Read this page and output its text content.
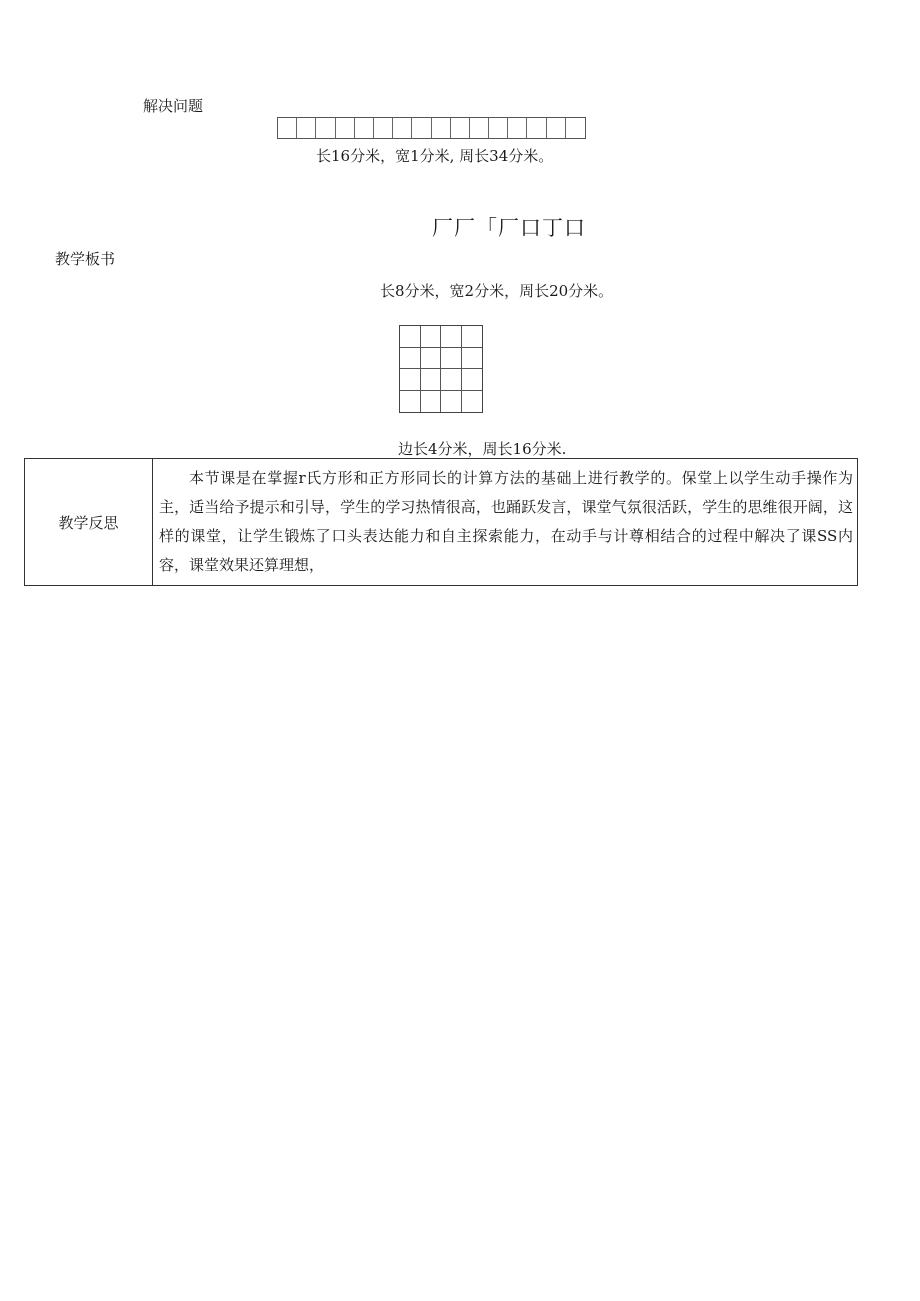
解决问题
长16分米，宽1分米, 周长34分米。
厂厂「厂口丁口
教学板书
长8分米，宽2分米，周长20分米。
边长4分米，周长16分米.
教学反思
本节课是在掌握r氏方形和正方形同长的计算方法的基础上进行教学的。保堂上以学生动手操作为主，适当给予提示和引导，学生的学习热情很高，也踊跃发言，课堂气氛很活跃，学生的思维很开阔，这样的课堂，让学生锻炼了口头表达能力和自主探索能力，在动手与计尊相结合的过程中解决了课SS内容，课堂效果还算理想，
